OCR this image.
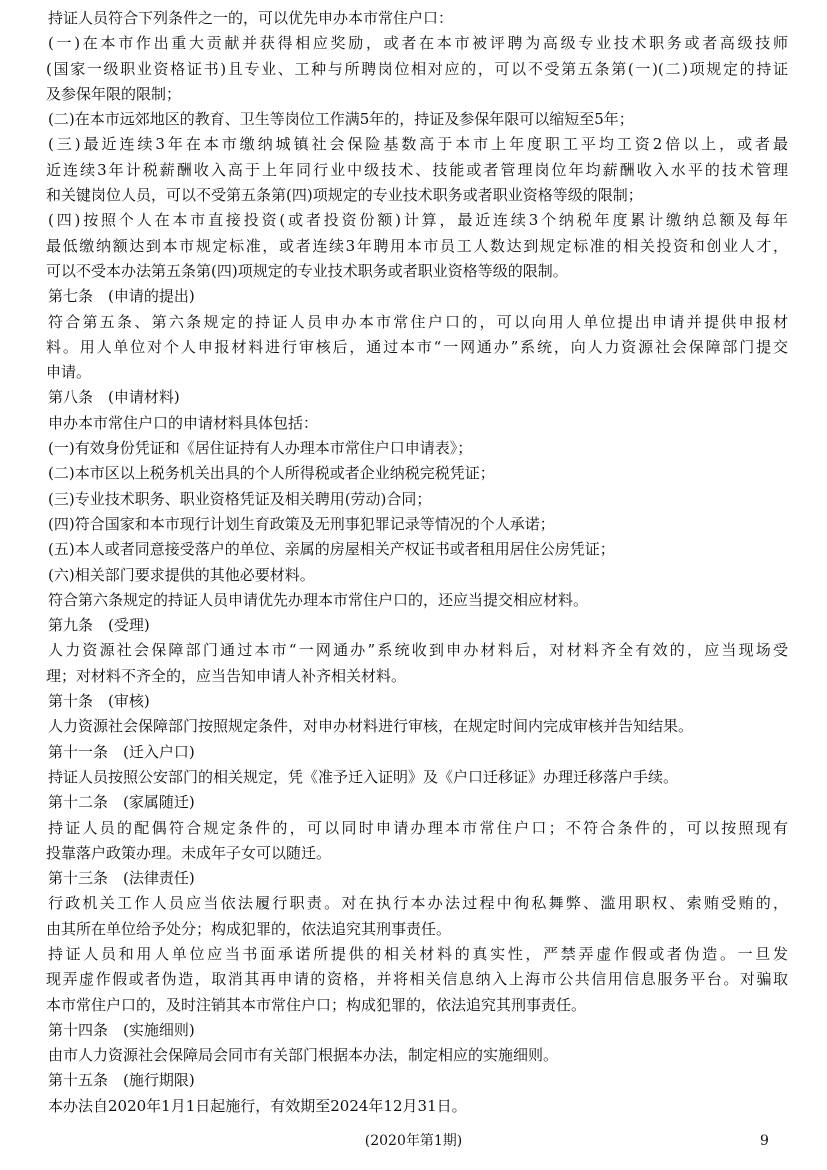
持证人员符合下列条件之一的，可以优先申办本市常住户口：
(一)在本市作出重大贡献并获得相应奖励，或者在本市被评聘为高级专业技术职务或者高级技师
(国家一级职业资格证书)且专业、工种与所聘岗位相对应的，可以不受第五条第(一)(二)项规定的持证
及参保年限的限制；
(二)在本市远郊地区的教育、卫生等岗位工作满5年的，持证及参保年限可以缩短至5年；
(三)最近连续3年在本市缴纳城镇社会保险基数高于本市上年度职工平均工资2倍以上，或者最
近连续3年计税薪酬收入高于上年同行业中级技术、技能或者管理岗位年均薪酬收入水平的技术管理
和关键岗位人员，可以不受第五条第(四)项规定的专业技术职务或者职业资格等级的限制；
(四)按照个人在本市直接投资(或者投资份额)计算，最近连续3个纳税年度累计缴纳总额及每年
最低缴纳额达到本市规定标准，或者连续3年聘用本市员工人数达到规定标准的相关投资和创业人才，
可以不受本办法第五条第(四)项规定的专业技术职务或者职业资格等级的限制。
第七条　(申请的提出)
符合第五条、第六条规定的持证人员申办本市常住户口的，可以向用人单位提出申请并提供申报材
料。用人单位对个人申报材料进行审核后，通过本市“一网通办”系统，向人力资源社会保障部门提交
申请。
第八条　(申请材料)
申办本市常住户口的申请材料具体包括：
(一)有效身份凭证和《居住证持有人办理本市常住户口申请表》；
(二)本市区以上税务机关出具的个人所得税或者企业纳税完税凭证；
(三)专业技术职务、职业资格凭证及相关聘用(劳动)合同；
(四)符合国家和本市现行计划生育政策及无刑事犯罪记录等情况的个人承诺；
(五)本人或者同意接受落户的单位、亲属的房屋相关产权证书或者租用居住公房凭证；
(六)相关部门要求提供的其他必要材料。
符合第六条规定的持证人员申请优先办理本市常住户口的，还应当提交相应材料。
第九条　(受理)
人力资源社会保障部门通过本市“一网通办”系统收到申办材料后，对材料齐全有效的，应当现场受
理；对材料不齐全的，应当告知申请人补齐相关材料。
第十条　(审核)
人力资源社会保障部门按照规定条件，对申办材料进行审核，在规定时间内完成审核并告知结果。
第十一条　(迁入户口)
持证人员按照公安部门的相关规定，凭《准予迁入证明》及《户口迁移证》办理迁移落户手续。
第十二条　(家属随迁)
持证人员的配偶符合规定条件的，可以同时申请办理本市常住户口；不符合条件的，可以按照现有
投靠落户政策办理。未成年子女可以随迁。
第十三条　(法律责任)
行政机关工作人员应当依法履行职责。对在执行本办法过程中徇私舞弊、滥用职权、索贿受贿的，
由其所在单位给予处分；构成犯罪的，依法追究其刑事责任。
持证人员和用人单位应当书面承诺所提供的相关材料的真实性，严禁弄虚作假或者伪造。一旦发
现弄虚作假或者伪造，取消其再申请的资格，并将相关信息纳入上海市公共信用信息服务平台。对骗取
本市常住户口的，及时注销其本市常住户口；构成犯罪的，依法追究其刑事责任。
第十四条　(实施细则)
由市人力资源社会保障局会同市有关部门根据本办法，制定相应的实施细则。
第十五条　(施行期限)
本办法自2020年1月1日起施行，有效期至2024年12月31日。
(2020年第1期)	9
